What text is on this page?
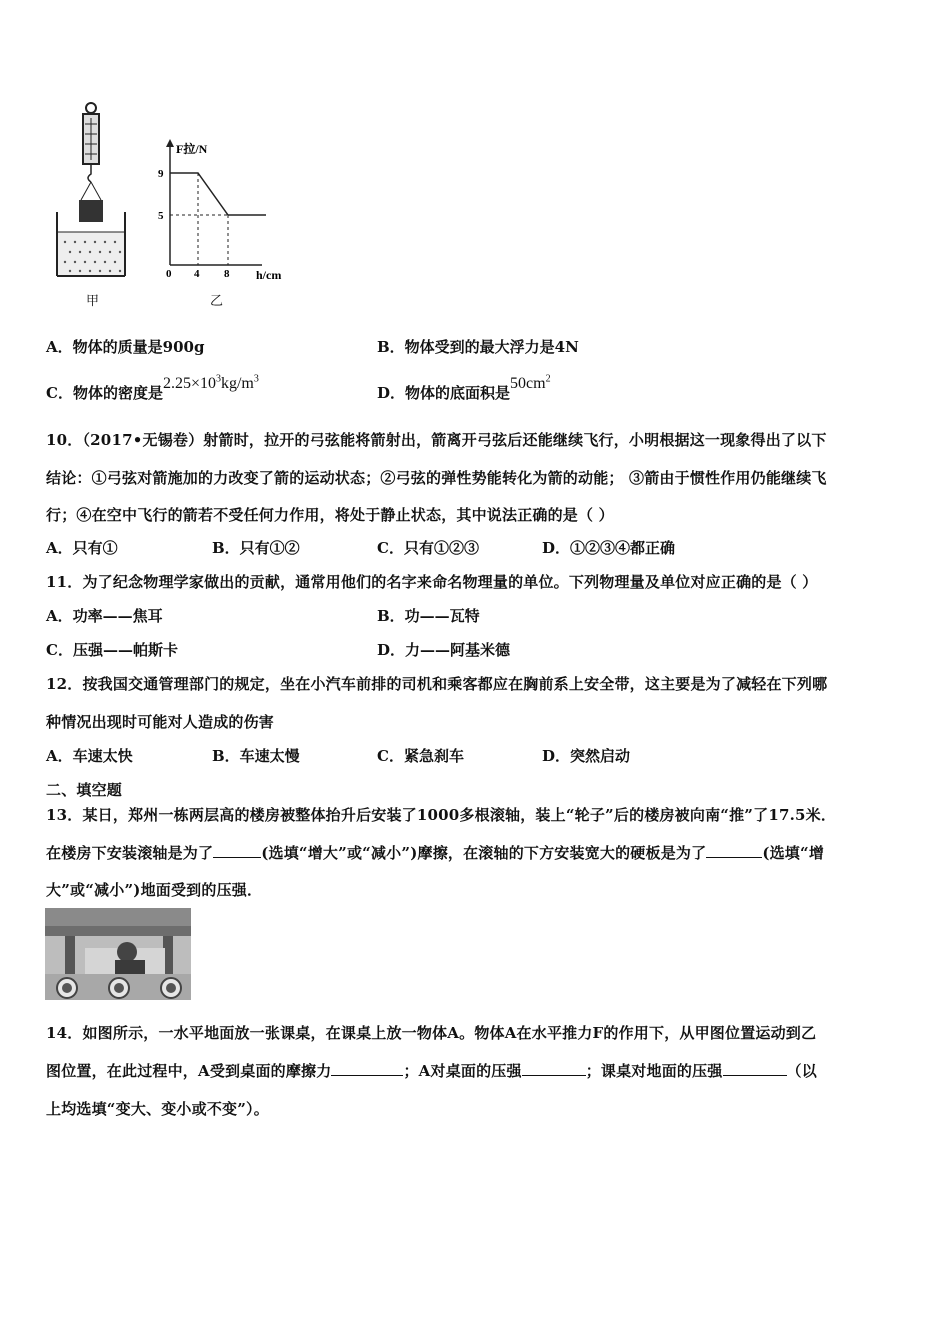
甲
F拉/N
9
5
0 4 8 h/cm
乙
A．物体的质量是900g	B．物体受到的最大浮力是4N
C．物体的密度是$2.25\times 10^3kg/m^3$
D．物体的底面积是$50cm^2$
10．（2017•无锡卷）射箭时，拉开的弓弦能将箭射出，箭离开弓弦后还能继续飞行，小明根据这一现象得出了以下
结论：①弓弦对箭施加的力改变了箭的运动状态；②弓弦的弹性势能转化为箭的动能； ③箭由于惯性作用仍能继续飞
行；④在空中飞行的箭若不受任何力作用，将处于静止状态，其中说法正确的是（ ）
A．只有①	B．只有①②	C．只有①②③	D．①②③④都正确
11．为了纪念物理学家做出的贡献，通常用他们的名字来命名物理量的单位。下列物理量及单位对应正确的是（ ）
A．功率——焦耳	B．功——瓦特
C．压强——帕斯卡	D．力——阿基米德
12．按我国交通管理部门的规定，坐在小汽车前排的司机和乘客都应在胸前系上安全带，这主要是为了减轻在下列哪
种情况出现时可能对人造成的伤害
A．车速太快	B．车速太慢	C．紧急刹车	D．突然启动
二、填空题
13．某日，郑州一栋两层高的楼房被整体抬升后安装了1000多根滚轴，装上“轮子”后的楼房被向南“推”了17.5米．
在楼房下安装滚轴是为了	(选填“增大”或“减小”)摩擦，在滚轴的下方安装宽大的硬板是为了	(选填“增
大”或“减小”)地面受到的压强．
14．如图所示，一水平地面放一张课桌，在课桌上放一物体A。物体A在水平推力F的作用下，从甲图位置运动到乙
图位置，在此过程中，A受到桌面的摩擦力	；A对桌面的压强	；课桌对地面的压强	（以
上均选填“变大、变小或不变”）。
